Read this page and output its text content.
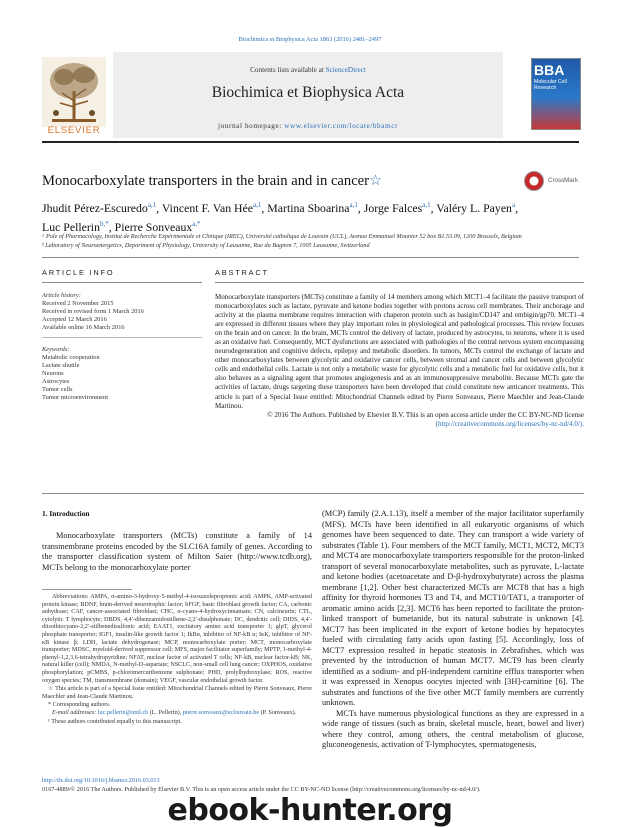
Biochimica et Biophysica Acta 1863 (2016) 2481–2497
Contents lists available at ScienceDirect
Biochimica et Biophysica Acta
journal homepage: www.elsevier.com/locate/bbamcr
ELSEVIER
BBA
Molecular Cell Research
Monocarboxylate transporters in the brain and in cancer☆	CrossMark
Jhudit Pérez-Escuredo$^{a,1}$, Vincent F. Van Hée$^{a,1}$, Martina Sboarina$^{a,1}$, Jorge Falces$^{a,1}$, Valéry L. Payen$^a$,
Luc Pellerin$^{b,*}$, Pierre Sonveaux$^{a,*}$
ᵃ Pole of Pharmacology, Institut de Recherche Expérimentale et Clinique (IREC), Université catholique de Louvain (UCL), Avenue Emmanuel Mounier 52 box B1.53.09, 1200 Brussels, Belgium
ᵇ Laboratory of Neuroenergetics, Department of Physiology, University of Lausanne, Rue du Bugnon 7, 1005 Lausanne, Switzerland
ARTICLE INFO
Article history:
Received 2 November 2015
Received in revised form 1 March 2016
Accepted 12 March 2016
Available online 16 March 2016
Keywords:
Metabolic cooperation
Lactate shuttle
Neurons
Astrocytes
Tumor cells
Tumor microenvironment
ABSTRACT
Monocarboxylate transporters (MCTs) constitute a family of 14 members among which MCT1–4 facilitate the passive transport of monocarboxylates such as lactate, pyruvate and ketone bodies together with protons across cell membranes. Their anchorage and activity at the plasma membrane requires interaction with chaperon protein such as basigin/CD147 and embigin/gp70. MCT1–4 are expressed in different tissues where they play important roles in physiological and pathological processes. This review focuses on the brain and on cancer. In the brain, MCTs control the delivery of lactate, produced by astrocytes, to neurons, where it is used as an oxidative fuel. Consequently, MCT dysfunctions are associated with pathologies of the central nervous system encompassing neurodegeneration and cognitive defects, epilepsy and metabolic disorders. In tumors, MCTs control the exchange of lactate and other monocarboxylates between glycolytic and oxidative cancer cells, between stromal and cancer cells and between glycolytic cells and endothelial cells. Lactate is not only a metabolic waste for glycolytic cells and a metabolic fuel for oxidative cells, but it also behaves as a signaling agent that promotes angiogenesis and as an immunosuppressive metabolite. Because MCTs gate the activities of lactate, drugs targeting these transporters have been developed that could constitute new anticancer treatments. This article is part of a Special Issue entitled: Mitochondrial Channels edited by Pierre Sonveaux, Pierre Maechler and Jean-Claude Martinou.
© 2016 The Authors. Published by Elsevier B.V. This is an open access article under the CC BY-NC-ND license
(http://creativecommons.org/licenses/by-nc-nd/4.0/).
1. Introduction

Monocarboxylate transporters (MCTs) constitute a family of 14 transmembrane proteins encoded by the SLC16A family of genes. According to the transporter classification system of Milton Saier (http://www.tcdb.org), MCTs belong to the monocarboxylate porter

Abbreviations: AMPA, α-amino-3-hydroxy-5-methyl-4-isoxazolepropionic acid; AMPK, AMP-activated protein kinase; BDNF, brain-derived neurotrophic factor; bFGF, basic fibroblast growth factor; CA, carbonic anhydrase; CAF, cancer-associated fibroblast; CHC, α-cyano-4-hydroxycinnamate; CN, calcineurin; CTL, cytolytic T lymphocyte; DBDS, 4,4′-dibenzamidostilbene-2,2′-disulphonate; DC, dendritic cell; DIDS, 4,4′-diisothiocyano-2,2′-stilbenedisulfonic acid; EAAT1, excitatory amino acid transporter 1; glpT, glycerol phosphate transporter; IGF1, insulin-like growth factor 1; IkBα, inhibitor of NF-kB α; IκK, inhibitor of NF-κB kinase β; LDH, lactate dehydrogenase; MCP, monocarboxylate porter; MCT, monocarboxylate transporter; MDSC, myeloid-derived suppressor cell; MFS, major facilitator superfamily; MPTP, 1-methyl-4-phenyl-1,2,3,6-tetrahydropyridine; NFAT, nuclear factor of activated T cells; NF-kB, nuclear factor-kB; NK, natural killer (cell); NMDA, N-methyl-D-aspartate; NSCLC, non-small cell lung cancer; OXPHOS, oxidative phosphorylation; pCMBS, p-chloromercuribenzene sulphonate; PHD, prolylhydroxylase; ROS, reactive oxygen species; TM, transmembrane (domain); VEGF, vascular endothelial growth factor.

☆ This article is part of a Special Issue entitled: Mitochondrial Channels edited by Pierre Sonveaux, Pierre Maechler and Jean-Claude Martinou.

* Corresponding authors.

E-mail addresses: luc.pellerin@unil.ch (L. Pellerin), pierre.sonveaux@uclouvain.be (P. Sonveaux).

¹ These authors contributed equally to this manuscript.

(MCP) family (2.A.1.13), itself a member of the major facilitator superfamily (MFS). MCTs have been identified in all eukaryotic organisms of which genomes have been sequenced to date. They can transport a wide variety of substrates (Table 1). Four members of the MCT family, MCT1, MCT2, MCT3 and MCT4 are monocarboxylate transporters responsible for the proton-linked transport of several monocarboxylate metabolites, such as pyruvate, L-lactate and ketone bodies (acetoacetate and D-β-hydroxybutyrate) across the plasma membrane [1,2]. Other best characterized MCTs are MCT8 that has a high affinity for thyroid hormones T3 and T4, and MCT10/TAT1, a transporter of aromatic amino acids [2,3]. MCT6 has been reported to facilitate the proton-linked transport of bumetanide, but its natural substrate is unknown [4]. MCT7 has been implicated in the export of ketone bodies by hepatocytes fueled with circulating fatty acids upon fasting [5]. Accordingly, loss of MCT7 expression resulted in hepatic steatosis in Zebrafishes, which was prevented by the introduction of human MCT7. MCT9 has been clearly identified as a sodium- and pH-independent carnitine efflux transporter when it was expressed in Xenopus oocytes injected with [3H]-carnitine [6]. The substrates and functions of the five other MCT family members are currently unknown.

MCTs have numerous physiological functions as they are expressed in a wide range of tissues (such as brain, skeletal muscle, heart, bowel and liver) where they control, among others, the central metabolism of glucose, gluconeogenesis, activation of T-lymphocytes, spermatogenesis,

http://dx.doi.org/10.1016/j.bbamcr.2016.03.013
0167-4889/© 2016 The Authors. Published by Elsevier B.V. This is an open access article under the CC BY-NC-ND license (http://creativecommons.org/licenses/by-nc-nd/4.0/).
ebook-hunter.org
